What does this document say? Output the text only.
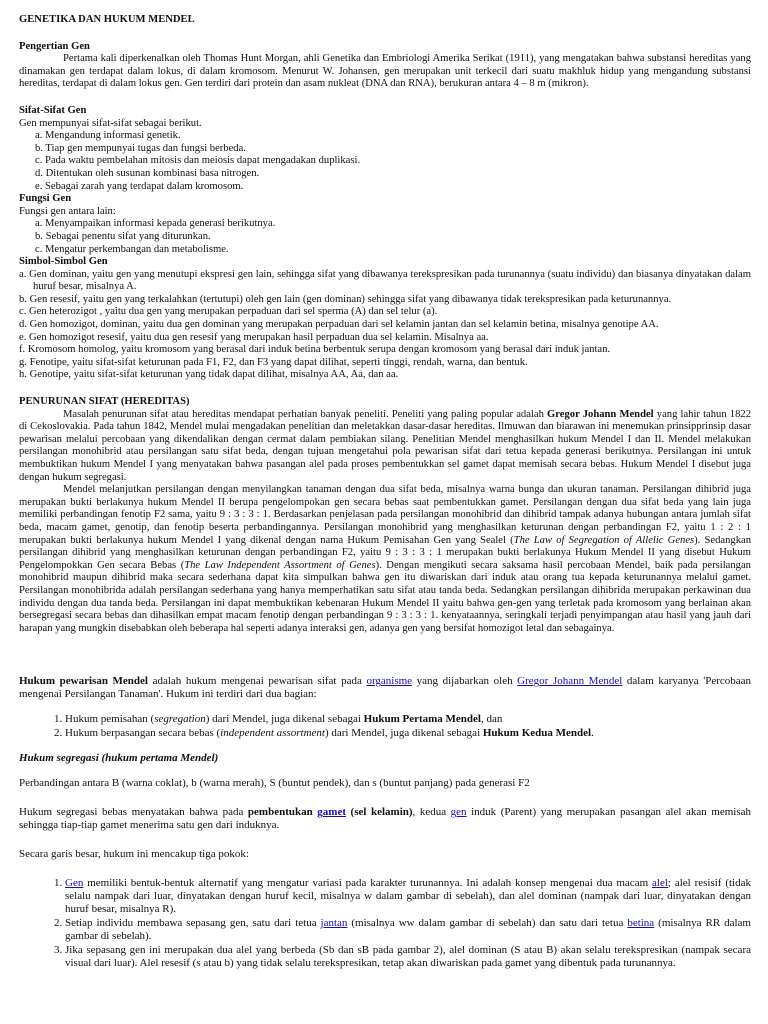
GENETIKA DAN HUKUM MENDEL
Pengertian Gen

Pertama kali diperkenalkan oleh Thomas Hunt Morgan, ahli Genetika dan Embriologi Amerika Serikat (1911), yang mengatakan bahwa substansi hereditas yang dinamakan gen terdapat dalam lokus, di dalam kromosom. Menurut W. Johansen, gen merupakan unit terkecil dari suatu makhluk hidup yang mengandung substansi hereditas, terdapat di dalam lokus gen. Gen terdiri dari protein dan asam nukleat (DNA dan RNA), berukuran antara 4 – 8 m (mikron).

Sifat-Sifat Gen

Gen mempunyai sifat-sifat sebagai berikut.

a. Mengandung informasi genetik.
b. Tiap gen mempunyai tugas dan fungsi berbeda.
c. Pada waktu pembelahan mitosis dan meiosis dapat mengadakan duplikasi.
d. Ditentukan oleh susunan kombinasi basa nitrogen.
e. Sebagai zarah yang terdapat dalam kromosom.
Fungsi Gen

Fungsi gen antara lain:

a. Menyampaikan informasi kepada generasi berikutnya.
b. Sebagai penentu sifat yang diturunkan.
c. Mengatur perkembangan dan metabolisme.
Simbol-Simbol Gen
a. Gen dominan, yaitu gen yang menutupi ekspresi gen lain, sehingga sifat yang dibawanya terekspresikan pada turunannya (suatu individu) dan biasanya dinyatakan dalam huruf besar, misalnya A.
b. Gen resesif, yaitu gen yang terkalahkan (tertutupi) oleh gen lain (gen dominan) sehingga sifat yang dibawanya tidak terekspresikan pada keturunannya.
c. Gen heterozigot , yaitu dua gen yang merupakan perpaduan dari sel sperma (A) dan sel telur (a).
d. Gen homozigot, dominan, yaitu dua gen dominan yang merupakan perpaduan dari sel kelamin jantan dan sel kelamin betina, misalnya genotipe AA.
e. Gen homozigot resesif, yaitu dua gen resesif yang merupakan hasil perpaduan dua sel kelamin. Misalnya aa.
f. Kromosom homolog, yaitu kromosom yang berasal dari induk betina berbentuk serupa dengan kromosom yang berasal dari induk jantan.
g. Fenotipe, yaitu sifat-sifat keturunan pada F1, F2, dan F3 yang dapat dilihat, seperti tinggi, rendah, warna, dan bentuk.
h. Genotipe, yaitu sifat-sifat keturunan yang tidak dapat dilihat, misalnya AA, Aa, dan aa.
PENURUNAN SIFAT (HEREDITAS)

Masalah penurunan sifat atau hereditas mendapat perhatian banyak peneliti. Peneliti yang paling popular adalah Gregor Johann Mendel yang lahir tahun 1822 di Cekoslovakia. Pada tahun 1842, Mendel mulai mengadakan penelitian dan meletakkan dasar-dasar hereditas. Ilmuwan dan biarawan ini menemukan prinsipprinsip dasar pewarisan melalui percobaan yang dikendalikan dengan cermat dalam pembiakan silang. Penelitian Mendel menghasilkan hukum Mendel I dan II. Mendel melakukan persilangan monohibrid atau persilangan satu sifat beda, dengan tujuan mengetahui pola pewarisan sifat dari tetua kepada generasi berikutnya. Persilangan ini untuk membuktikan hukum Mendel I yang menyatakan bahwa pasangan alel pada proses pembentukkan sel gamet dapat memisah secara bebas. Hukum Mendel I disebut juga dengan hukum segregasi.

Mendel melanjutkan persilangan dengan menyilangkan tanaman dengan dua sifat beda, misalnya warna bunga dan ukuran tanaman. Persilangan dihibrid juga merupakan bukti berlakunya hukum Mendel II berupa pengelompokan gen secara bebas saat pembentukkan gamet. Persilangan dengan dua sifat beda yang lain juga memiliki perbandingan fenotip F2 sama, yaitu 9 : 3 : 3 : 1. Berdasarkan penjelasan pada persilangan monohibrid dan dihibrid tampak adanya hubungan antara jumlah sifat beda, macam gamet, genotip, dan fenotip beserta perbandingannya. Persilangan monohibrid yang menghasilkan keturunan dengan perbandingan F2, yaitu 1 : 2 : 1 merupakan bukti berlakunya hukum Mendel I yang dikenal dengan nama Hukum Pemisahan Gen yang Sealel (The Law of Segregation of Allelic Genes). Sedangkan persilangan dihibrid yang menghasilkan keturunan dengan perbandingan F2, yaitu 9 : 3 : 3 : 1 merupakan bukti berlakunya Hukum Mendel II yang disebut Hukum Pengelompokkan Gen secara Bebas (The Law Independent Assortment of Genes). Dengan mengikuti secara saksama hasil percobaan Mendel, baik pada persilangan monohibrid maupun dihibrid maka secara sederhana dapat kita simpulkan bahwa gen itu diwariskan dari induk atau orang tua kepada keturunannya melalui gamet. Persilangan monohibrida adalah persilangan sederhana yang hanya memperhatikan satu sifat atau tanda beda. Sedangkan persilangan dihibrida merupakan perkawinan dua individu dengan dua tanda beda. Persilangan ini dapat membuktikan kebenaran Hukum Mendel II yaitu bahwa gen-gen yang terletak pada kromosom yang berlainan akan bersegregasi secara bebas dan dihasilkan empat macam fenotip dengan perbandingan 9 : 3 : 3 : 1. kenyataannya, seringkali terjadi penyimpangan atau hasil yang jauh dari harapan yang mungkin disebabkan oleh beberapa hal seperti adanya interaksi gen, adanya gen yang bersifat homozigot letal dan sebagainya.

Hukum pewarisan Mendel adalah hukum mengenai pewarisan sifat pada organisme yang dijabarkan oleh Gregor Johann Mendel dalam karyanya 'Percobaan mengenai Persilangan Tanaman'. Hukum ini terdiri dari dua bagian:

1. Hukum pemisahan (segregation) dari Mendel, juga dikenal sebagai Hukum Pertama Mendel, dan
2. Hukum berpasangan secara bebas (independent assortment) dari Mendel, juga dikenal sebagai Hukum Kedua Mendel.
Hukum segregasi (hukum pertama Mendel)

Perbandingan antara B (warna coklat), b (warna merah), S (buntut pendek), dan s (buntut panjang) pada generasi F2

Hukum segregasi bebas menyatakan bahwa pada pembentukan gamet (sel kelamin), kedua gen induk (Parent) yang merupakan pasangan alel akan memisah sehingga tiap-tiap gamet menerima satu gen dari induknya.

Secara garis besar, hukum ini mencakup tiga pokok:

1. Gen memiliki bentuk-bentuk alternatif yang mengatur variasi pada karakter turunannya. Ini adalah konsep mengenai dua macam alel; alel resisif (tidak selalu nampak dari luar, dinyatakan dengan huruf kecil, misalnya w dalam gambar di sebelah), dan alel dominan (nampak dari luar, dinyatakan dengan huruf besar, misalnya R).
2. Setiap individu membawa sepasang gen, satu dari tetua jantan (misalnya ww dalam gambar di sebelah) dan satu dari tetua betina (misalnya RR dalam gambar di sebelah).
3. Jika sepasang gen ini merupakan dua alel yang berbeda (Sb dan sB pada gambar 2), alel dominan (S atau B) akan selalu terekspresikan (nampak secara visual dari luar). Alel resesif (s atau b) yang tidak selalu terekspresikan, tetap akan diwariskan pada gamet yang dibentuk pada turunannya.
